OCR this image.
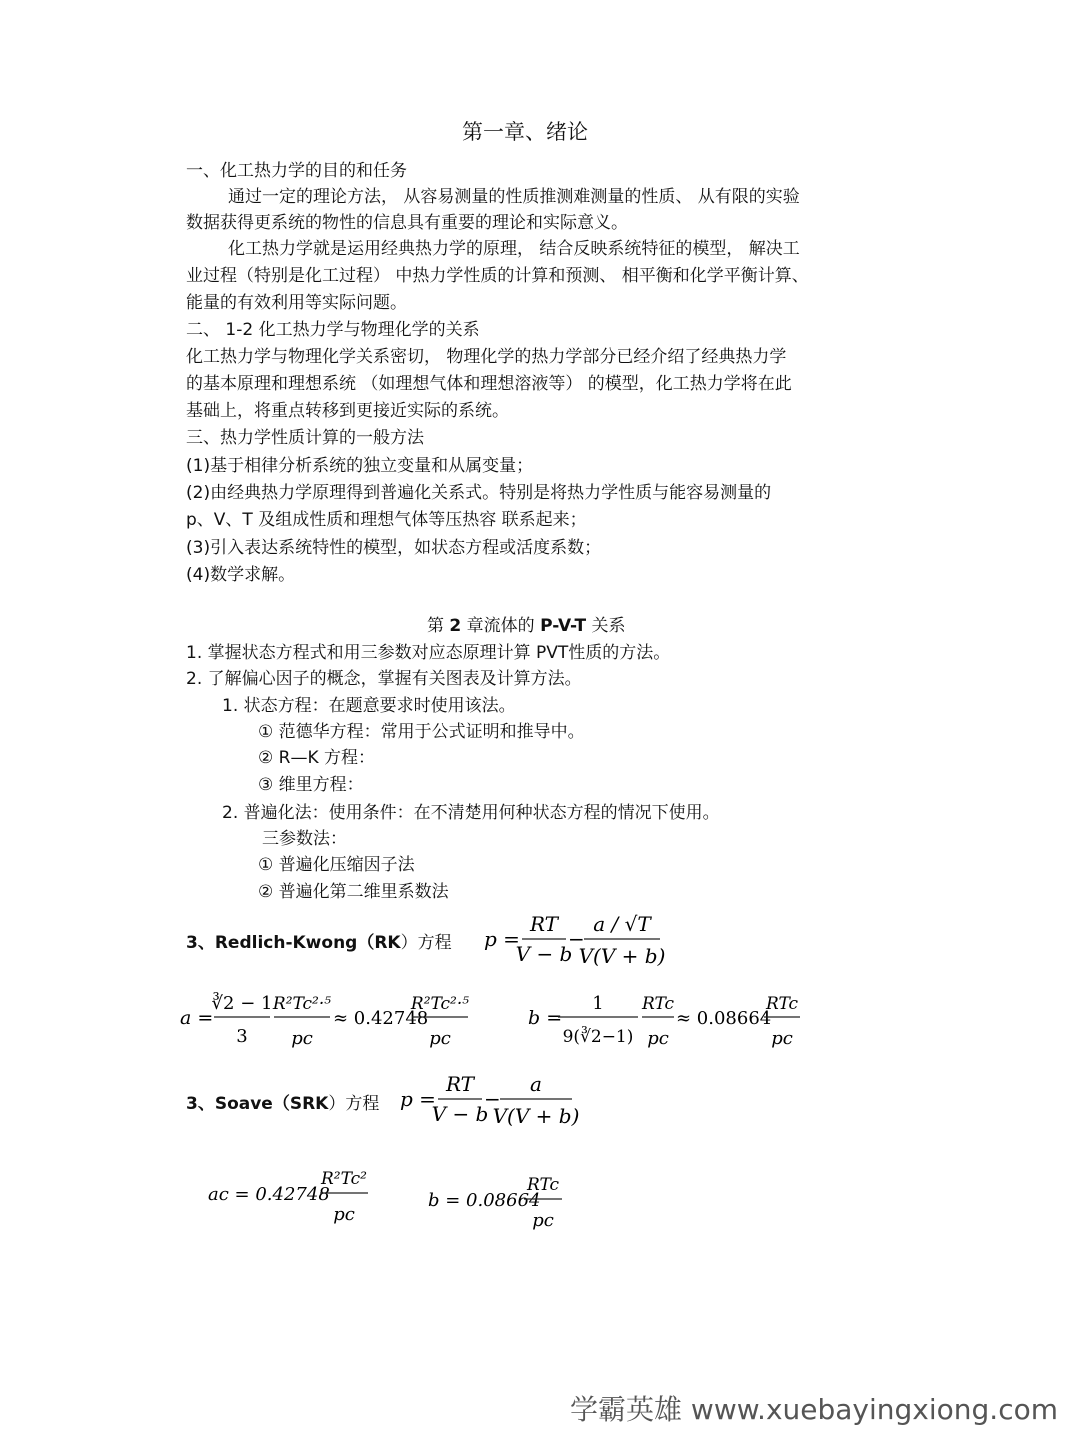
第一章、绪论
一、化工热力学的目的和任务
通过一定的理论方法， 从容易测量的性质推测难测量的性质、 从有限的实验
数据获得更系统的物性的信息具有重要的理论和实际意义。
化工热力学就是运用经典热力学的原理， 结合反映系统特征的模型， 解决工
业过程（特别是化工过程） 中热力学性质的计算和预测、 相平衡和化学平衡计算、
能量的有效利用等实际问题。
二、 1-2 化工热力学与物理化学的关系
化工热力学与物理化学关系密切， 物理化学的热力学部分已经介绍了经典热力学
的基本原理和理想系统 （如理想气体和理想溶液等） 的模型，化工热力学将在此
基础上，将重点转移到更接近实际的系统。
三、热力学性质计算的一般方法
(1)基于相律分析系统的独立变量和从属变量；
(2)由经典热力学原理得到普遍化关系式。特别是将热力学性质与能容易测量的
p、V、T 及组成性质和理想气体等压热容 联系起来；
(3)引入表达系统特性的模型，如状态方程或活度系数；
(4)数学求解。
第 2 章流体的 P-V-T 关系
1. 掌握状态方程式和用三参数对应态原理计算 PVT性质的方法。
2. 了解偏心因子的概念，掌握有关图表及计算方法。
1. 状态方程：在题意要求时使用该法。
① 范德华方程：常用于公式证明和推导中。
② R—K 方程：
③ 维里方程：
2. 普遍化法：使用条件：在不清楚用何种状态方程的情况下使用。
三参数法：
① 普遍化压缩因子法
② 普遍化第二维里系数法
3、Redlich-Kwong（RK）方程 p =
RT
V − b
−
a / √T
V(V + b)
a =
∛2 − 1
3
R²Tc²·⁵
pc
≈ 0.42748
R²Tc²·⁵
pc
b =
1
9(∛2−1)
RTc
pc
≈ 0.08664
RTc
pc
3、Soave（SRK）方程 p =
RT
V − b
−
a
V(V + b)
ac = 0.42748
R²Tc²
pc
b = 0.08664
RTc
pc
学霸英雄 www.xuebayingxiong.com
